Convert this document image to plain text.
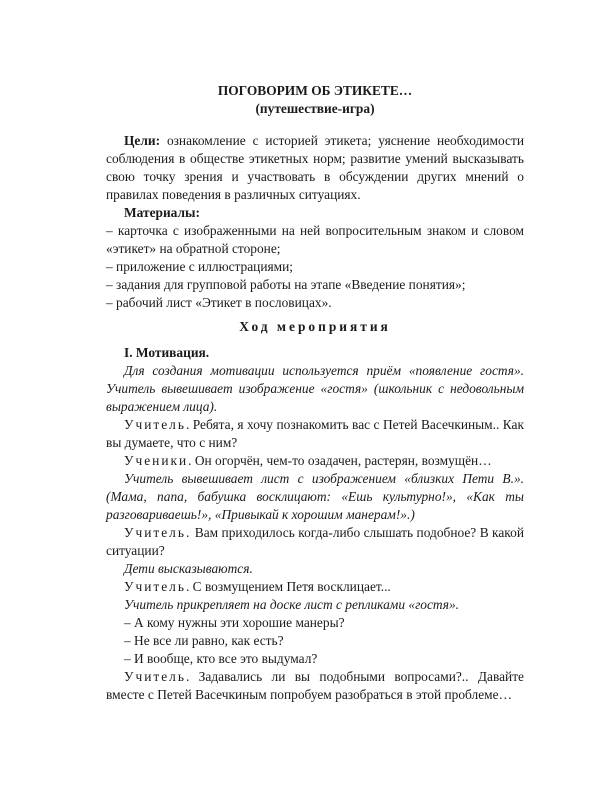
ПОГОВОРИМ ОБ ЭТИКЕТЕ…

(путешествие-игра)

Цели: ознакомление с историей этикета; уяснение необходимости соблюдения в обществе этикетных норм; развитие умений высказывать свою точку зрения и участвовать в обсуждении других мнений о правилах поведения в различных ситуациях.

Материалы:

– карточка с изображенными на ней вопросительным знаком и словом «этикет» на обратной стороне;

– приложение с иллюстрациями;

– задания для групповой работы на этапе «Введение понятия»;

– рабочий лист «Этикет в пословицах».

Ход мероприятия

I. Мотивация.

Для создания мотивации используется приём «появление гостя». Учитель вывешивает изображение «гостя» (школьник с недовольным выражением лица).

Учитель. Ребята, я хочу познакомить вас с Петей Васечкиным.. Как вы думаете, что с ним?

Ученики. Он огорчён, чем-то озадачен, растерян, возмущён…

Учитель вывешивает лист с изображением «близких Пети В.». (Мама, папа, бабушка восклицают: «Ешь культурно!», «Как ты разговариваешь!», «Привыкай к хорошим манерам!».)

Учитель. Вам приходилось когда-либо слышать подобное? В какой ситуации?

Дети высказываются.

Учитель. С возмущением Петя восклицает...

Учитель прикрепляет на доске лист с репликами «гостя».

– А кому нужны эти хорошие манеры?

– Не все ли равно, как есть?

– И вообще, кто все это выдумал?

Учитель. Задавались ли вы подобными вопросами?.. Давайте вместе с Петей Васечкиным попробуем разобраться в этой проблеме…
